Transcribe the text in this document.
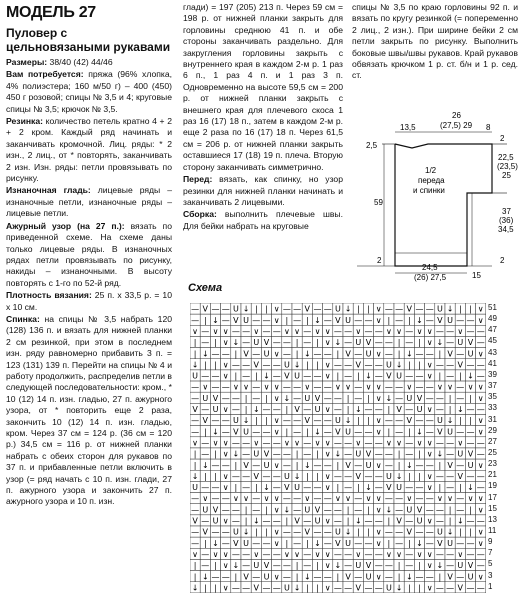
МОДЕЛЬ 27
Пуловер с цельновязаными рукавами
Размеры: 38/40 (42) 44/46
Вам потребуется: пряжа (96% хлопка, 4% полиэстера; 160 м/50 г) – 400 (450) 450 г розовой; спицы № 3,5 и 4; круговые спицы № 3,5; крючок № 3,5.
Резинка: количество петель кратно 4 + 2 + 2 кром. Каждый ряд начинать и заканчивать кромочной. Лиц. ряды: * 2 изн., 2 лиц., от * повторять, заканчивать 2 изн. Изн. ряды: петли провязывать по рисунку.
Изнаночная гладь: лицевые ряды – изнаночные петли, изнаночные ряды – лицевые петли.
Ажурный узор (на 27 п.): вязать по приведенной схеме. На схеме даны только лицевые ряды. В изнаночных рядах петли провязывать по рисунку, накиды – изнаночными. В высоту повторять с 1-го по 52-й ряд.
Плотность вязания: 25 п. х 33,5 р. = 10 х 10 см.
Спинка: на спицы № 3,5 набрать 120 (128) 136 п. и вязать для нижней планки 2 см резинкой, при этом в последнем изн. ряду равномерно прибавить 3 п. = 123 (131) 139 п. Перейти на спицы № 4 и работу продолжить, распределив петли в следующей последовательности: кром., * 10 (12) 14 п. изн. гладью, 27 п. ажурного узора, от * повторить еще 2 раза, закончить 10 (12) 14 п. изн. гладью, кром. Через 37 см = 124 р. (36 см = 120 р.) 34,5 см = 116 р. от нижней планки набрать с обеих сторон для рукавов по 37 п. и прибавленные петли включить в узор (= ряд начать с 10 п. изн. глади, 27 п. ажурного узора и закончить 27 п. ажурного узора и 10 п. изн.
глади) = 197 (205) 213 п. Через 59 см = 198 р. от нижней планки закрыть для горловины среднюю 41 п. и обе стороны заканчивать раздельно. Для закругления горловины закрыть с внутреннего края в каждом 2-м р. 1 раз 6 п., 1 раз 4 п. и 1 раз 3 п. Одновременно на высоте 59,5 см = 200 р. от нижней планки закрыть с внешнего края для плечевого скоса 1 раз 16 (17) 18 п., затем в каждом 2-м р. еще 2 раза по 16 (17) 18 п. Через 61,5 см = 206 р. от нижней планки закрыть оставшиеся 17 (18) 19 п. плеча. Вторую сторону заканчивать симметрично.
Перед: вязать, как спинку, но узор резинки для нижней планки начинать и заканчивать 2 лицевыми.
Сборка: выполнить плечевые швы. Для бейки набрать на круговые
спицы № 3,5 по краю горловины 92 п. и вязать по кругу резинкой (= попеременно 2 лиц., 2 изн.). При ширине бейки 2 см петли закрыть по рисунку. Выполнить боковые швы/швы рукавов. Край рукавов обвязать крючком 1 р. ст. б/н и 1 р. сед. ст.
13,5
26
(27,5) 29 8
2,5
2
22,5
(23,5)
25
59
1/2
переда
и спинки
37
(36)
34,5
2	2
24,5
(26) 27,5	15
Схема
— V — — U ↓ | | ∨ — — V — — U ↓ | | ∨ — — V — — U ↓ | | ∨
— | ↓ — V U — — ∨ | — | ↓ — V U — — ∨ | — | ↓ — V U — — ∨
∨ — ∨ ∨ — — ∨ — — ∨ ∨ — ∨ ∨ — — ∨ — — ∨ ∨ — ∨ ∨ — — ∨ — —
| — | ∨ ↓ — U V — — | — | ∨ ↓ — U V — — | — | ∨ ↓ — U V —
| ↓ — — | V — U ∨ — | ↓ — — | V — U ∨ — | ↓ — — | V — U ∨
↓ | | ∨ — — V — — U ↓ | | ∨ — — V — — U ↓ | | ∨ — — V — —
U — — ∨ | — | ↓ — V U — — ∨ | — | ↓ — V U — — ∨ | — | ↓ —
— ∨ — — ∨ ∨ — ∨ ∨ — — ∨ — — ∨ ∨ — ∨ ∨ — — ∨ — — ∨ ∨ — ∨ ∨
— U V — — | — | ∨ ↓ — U V — — | — | ∨ ↓ — U V — — | — | ∨
V — U ∨ — | ↓ — — | V — U ∨ — | ↓ — — | V — U ∨ — | ↓ — —
— V — — U ↓ | | ∨ — — V — — U ↓ | | ∨ — — V — — U ↓ | | ∨
— | ↓ — V U — — ∨ | — | ↓ — V U — — ∨ | — | ↓ — V U — — ∨
∨ — ∨ ∨ — — ∨ — — ∨ ∨ — ∨ ∨ — — ∨ — — ∨ ∨ — ∨ ∨ — — ∨ — —
| — | ∨ ↓ — U V — — | — | ∨ ↓ — U V — — | — | ∨ ↓ — U V —
| ↓ — — | V — U ∨ — | ↓ — — | V — U ∨ — | ↓ — — | V — U ∨
↓ | | ∨ — — V — — U ↓ | | ∨ — — V — — U ↓ | | ∨ — — V — —
U — — ∨ | — | ↓ — V U — — ∨ | — | ↓ — V U — — ∨ | — | ↓ —
— ∨ — — ∨ ∨ — ∨ ∨ — — ∨ — — ∨ ∨ — ∨ ∨ — — ∨ — — ∨ ∨ — ∨ ∨
— U V — — | — | ∨ ↓ — U V — — | — | ∨ ↓ — U V — — | — | ∨
V — U ∨ — | ↓ — — | V — U ∨ — | ↓ — — | V — U ∨ — | ↓ — —
— V — — U ↓ | | ∨ — — V — — U ↓ | | ∨ — — V — — U ↓ | | ∨
— | ↓ — V U — — ∨ | — | ↓ — V U — — ∨ | — | ↓ — V U — — ∨
∨ — ∨ ∨ — — ∨ — — ∨ ∨ — ∨ ∨ — — ∨ — — ∨ ∨ — ∨ ∨ — — ∨ — —
| — | ∨ ↓ — U V — — | — | ∨ ↓ — U V — — | — | ∨ ↓ — U V —
| ↓ — — | V — U ∨ — | ↓ — — | V — U ∨ — | ↓ — — | V — U ∨
↓ | | ∨ — — V — — U ↓ | | ∨ — — V — — U ↓ | | ∨ — — V — —
51
49
47
45
43
41
39
37
35
33
31
29
27
25
23
21
19
17
15
13
11
9
7
5
3
1
